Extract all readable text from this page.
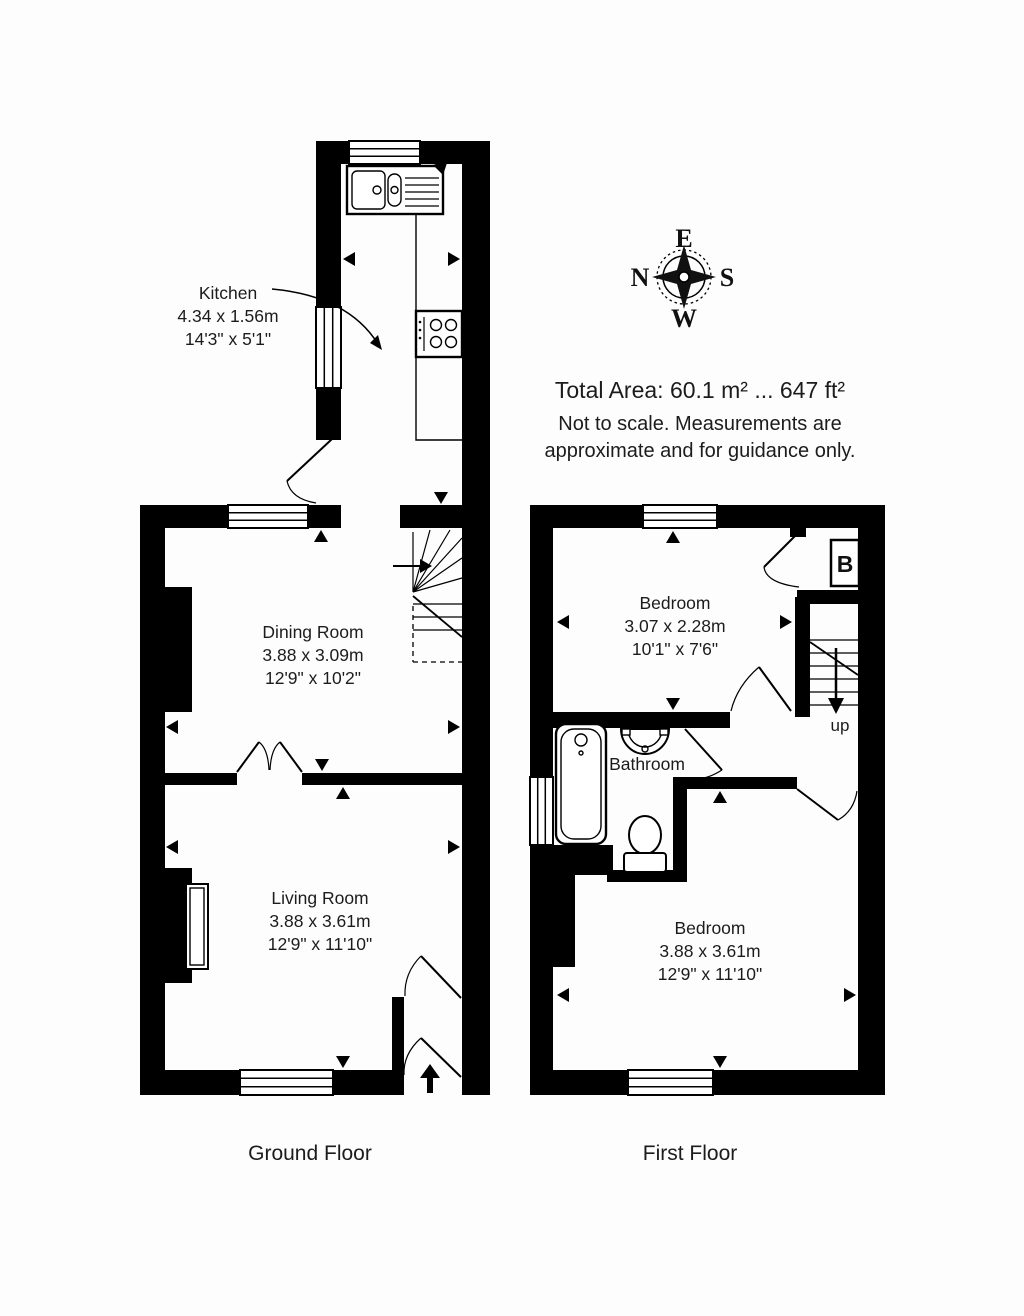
Kitchen
4.34 x 1.56m
14'3" x 5'1"
Dining Room
3.88 x 3.09m
12'9" x 10'2"
Living Room
3.88 x 3.61m
12'9" x 11'10"
B
up
Bedroom
3.07 x 2.28m
10'1" x 7'6"
Bathroom
Bedroom
3.88 x 3.61m
12'9" x 11'10"
E
N	S
W
Total Area: 60.1 m² ... 647 ft²
Not to scale. Measurements are
approximate and for guidance only.
Ground Floor	First Floor
